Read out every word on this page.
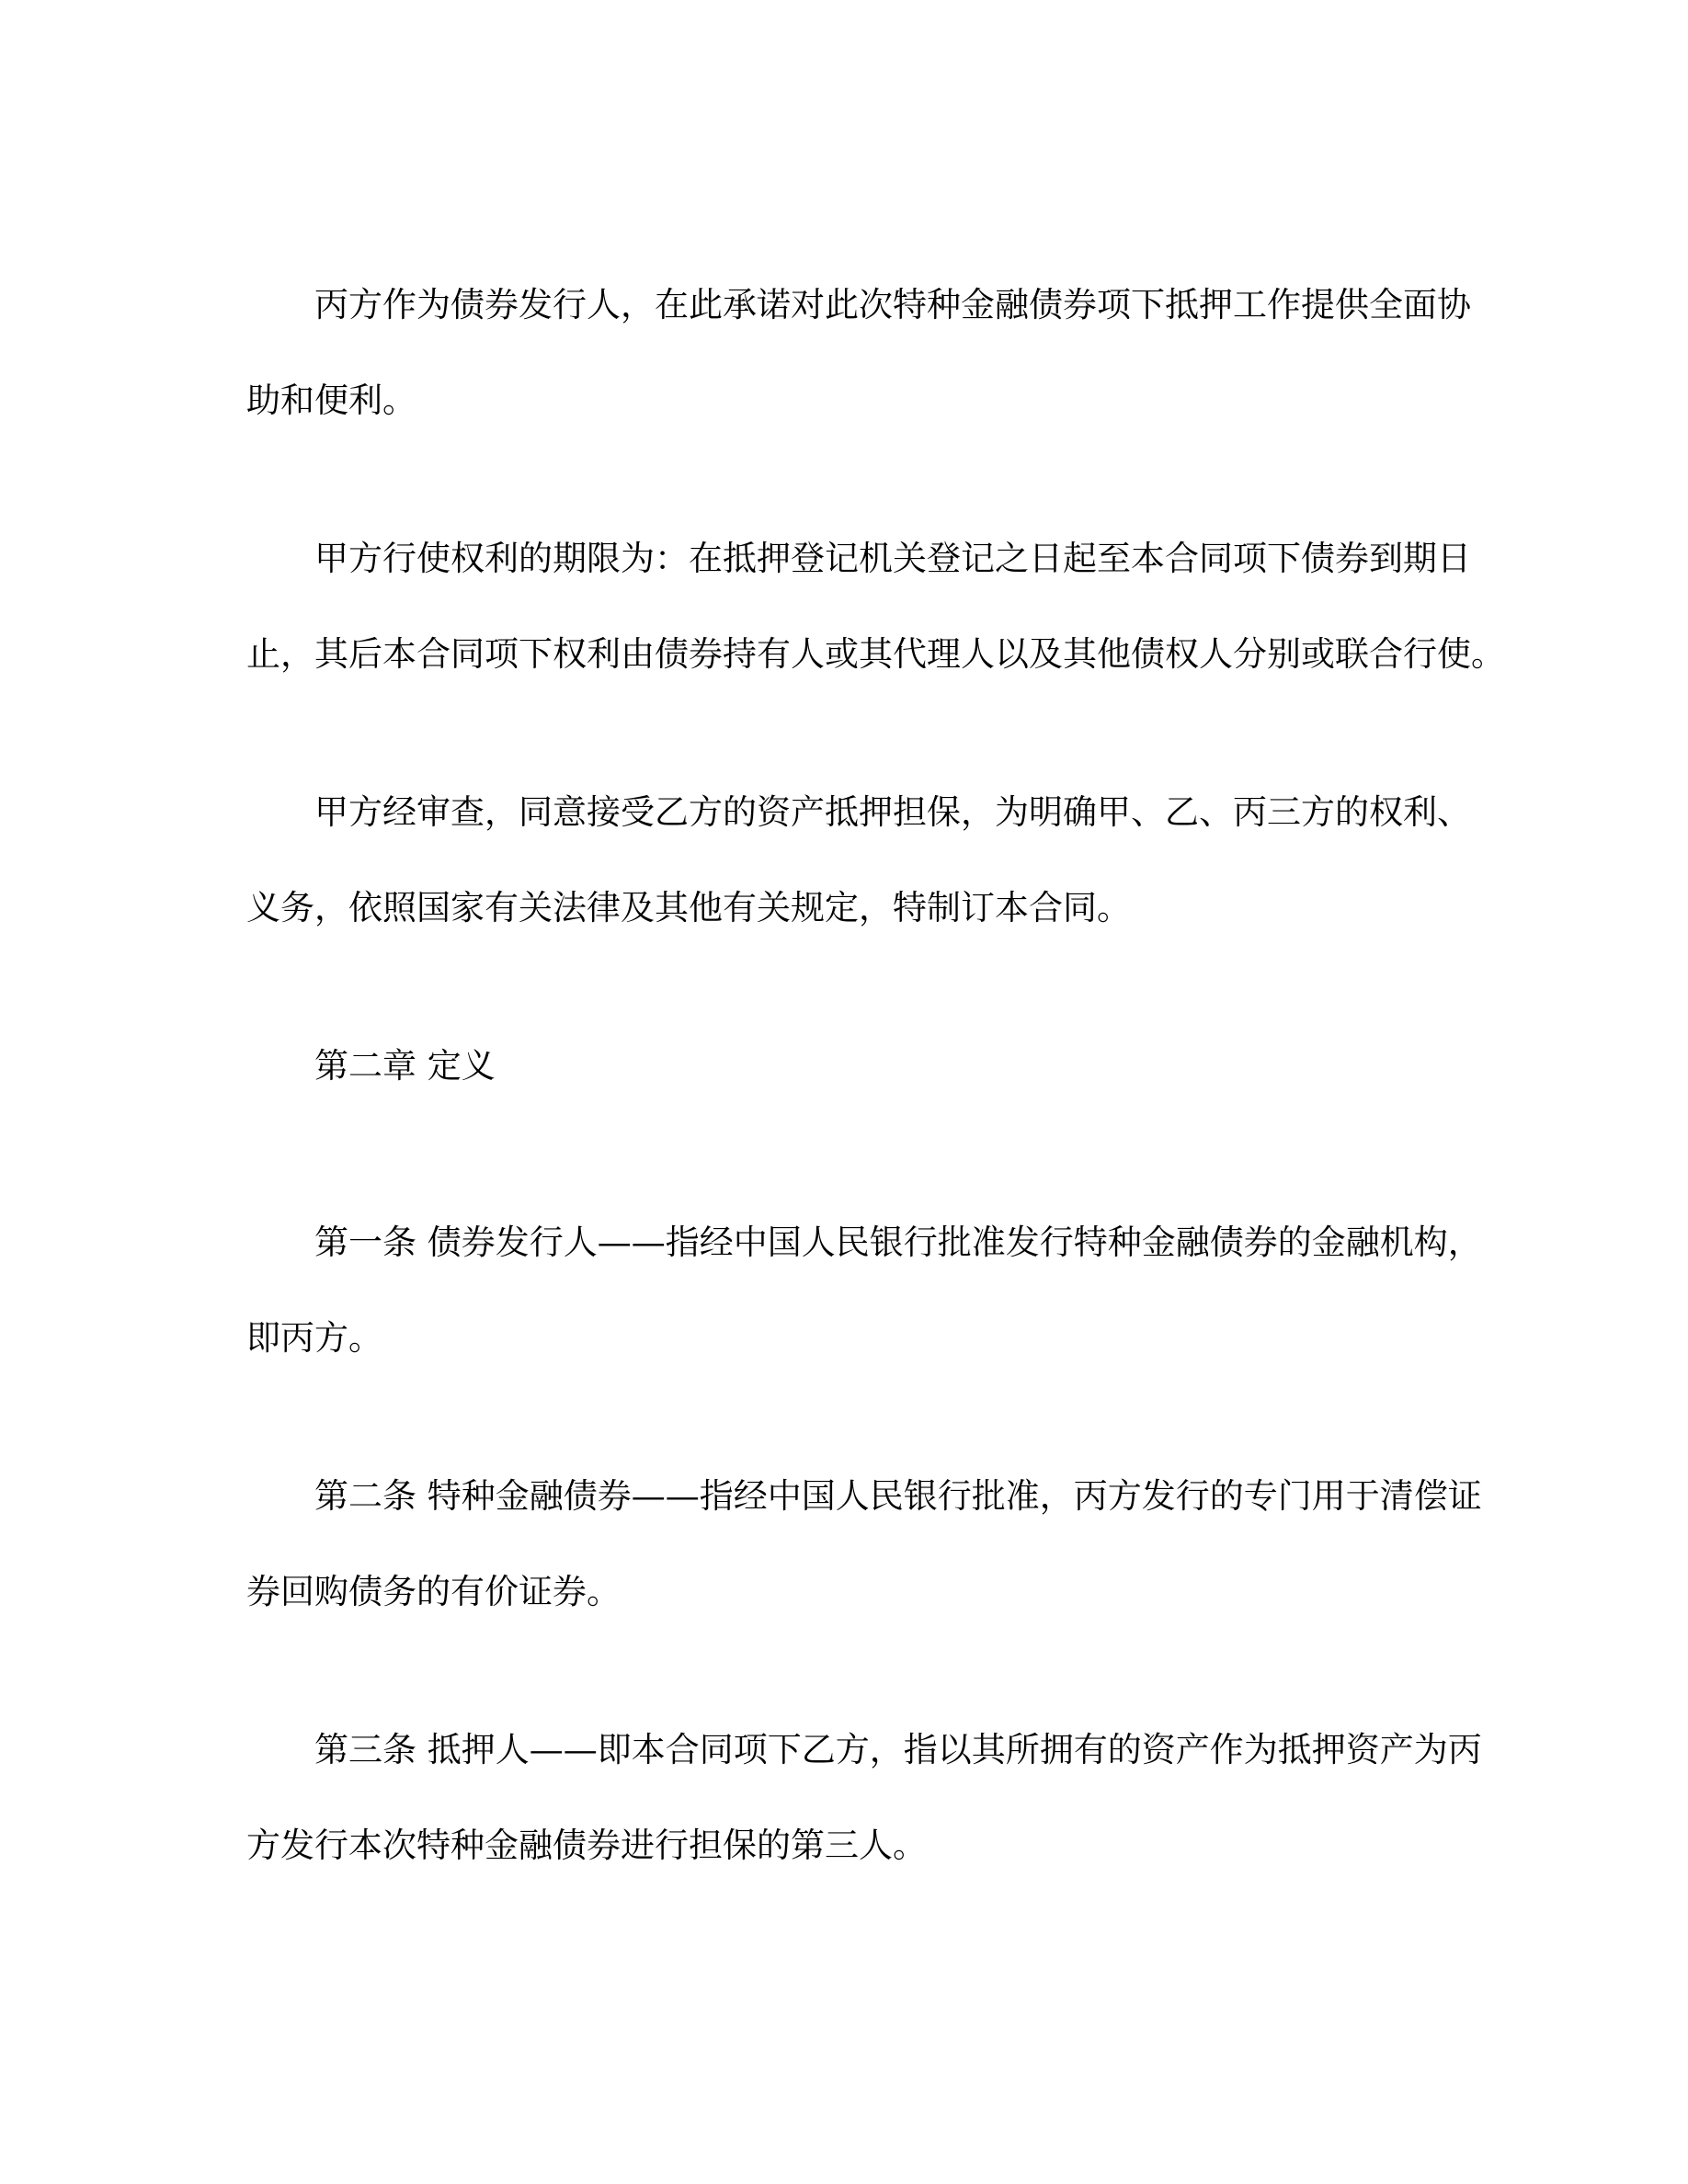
丙方作为债券发行人，在此承诺对此次特种金融债券项下抵押工作提供全面协
助和便利。

甲方行使权利的期限为：在抵押登记机关登记之日起至本合同项下债券到期日
止，其后本合同项下权利由债券持有人或其代理人以及其他债权人分别或联合行使。

甲方经审查，同意接受乙方的资产抵押担保，为明确甲、乙、丙三方的权利、
义务，依照国家有关法律及其他有关规定，特制订本合同。

第二章 定义

第一条 债券发行人——指经中国人民银行批准发行特种金融债券的金融机构，
即丙方。

第二条 特种金融债券——指经中国人民银行批准，丙方发行的专门用于清偿证
券回购债务的有价证券。

第三条 抵押人——即本合同项下乙方，指以其所拥有的资产作为抵押资产为丙
方发行本次特种金融债券进行担保的第三人。
